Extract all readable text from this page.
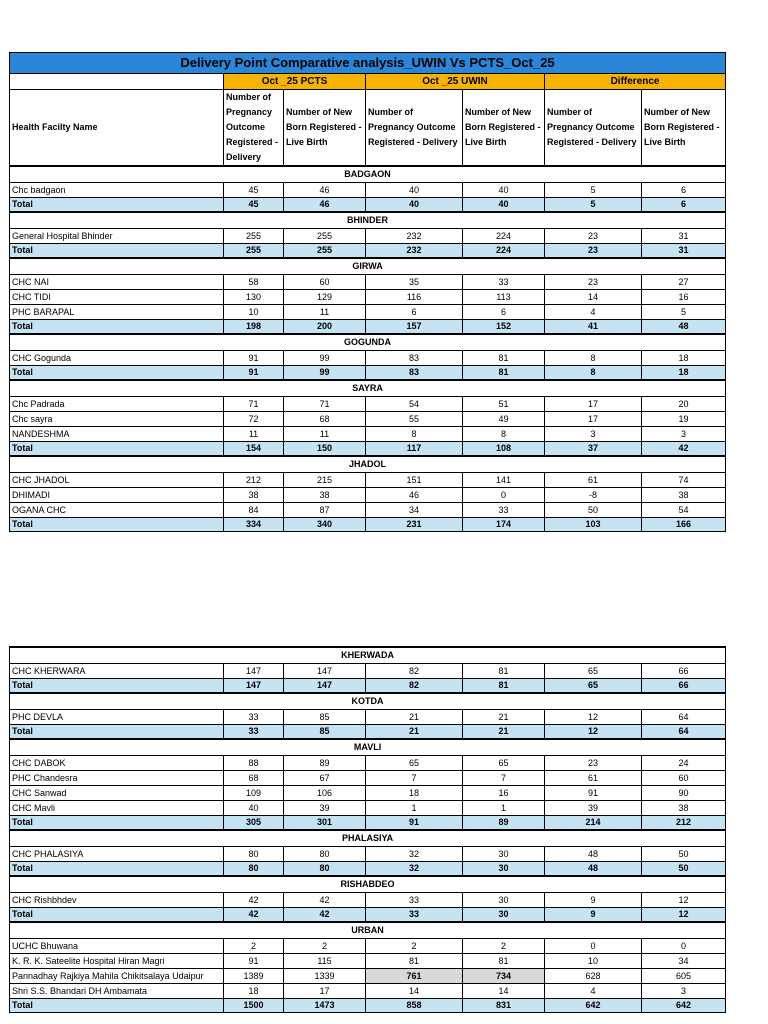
Delivery Point Comparative analysis_UWIN Vs PCTS_Oct_25						
	Oct _25 PCTS		Oct _25 UWIN		Difference	
Health Facilty Name	Number of Pregnancy Outcome Registered - Delivery	Number of New Born Registered - Live Birth	Number of Pregnancy Outcome Registered - Delivery	Number of New Born Registered - Live Birth	Number of Pregnancy Outcome Registered - Delivery	Number of New Born Registered - Live Birth
BADGAON						
Chc badgaon	45	46	40	40	5	6
Total	45	46	40	40	5	6
BHINDER						
General Hospital Bhinder	255	255	232	224	23	31
Total	255	255	232	224	23	31
GIRWA						
CHC NAI	58	60	35	33	23	27
CHC TIDI	130	129	116	113	14	16
PHC BARAPAL	10	11	6	6	4	5
Total	198	200	157	152	41	48
GOGUNDA						
CHC Gogunda	91	99	83	81	8	18
Total	91	99	83	81	8	18
SAYRA						
Chc Padrada	71	71	54	51	17	20
Chc sayra	72	68	55	49	17	19
NANDESHMA	11	11	8	8	3	3
Total	154	150	117	108	37	42
JHADOL						
CHC JHADOL	212	215	151	141	61	74
DHIMADI	38	38	46	0	-8	38
OGANA CHC	84	87	34	33	50	54
Total	334	340	231	174	103	166
KHERWADA						
CHC KHERWARA	147	147	82	81	65	66
Total	147	147	82	81	65	66
KOTDA						
PHC DEVLA	33	85	21	21	12	64
Total	33	85	21	21	12	64
MAVLI						
CHC DABOK	88	89	65	65	23	24
PHC Chandesra	68	67	7	7	61	60
CHC Sanwad	109	106	18	16	91	90
CHC Mavli	40	39	1	1	39	38
Total	305	301	91	89	214	212
PHALASIYA						
CHC PHALASIYA	80	80	32	30	48	50
Total	80	80	32	30	48	50
RISHABDEO						
CHC Rishbhdev	42	42	33	30	9	12
Total	42	42	33	30	9	12
URBAN						
UCHC Bhuwana	2	2	2	2	0	0
K. R. K. Sateelite Hospital Hiran Magri	91	115	81	81	10	34
Pannadhay Rajkiya Mahila Chikitsalaya Udaipur	1389	1339	761	734	628	605
Shri S.S. Bhandari DH Ambamata	18	17	14	14	4	3
Total	1500	1473	858	831	642	642
